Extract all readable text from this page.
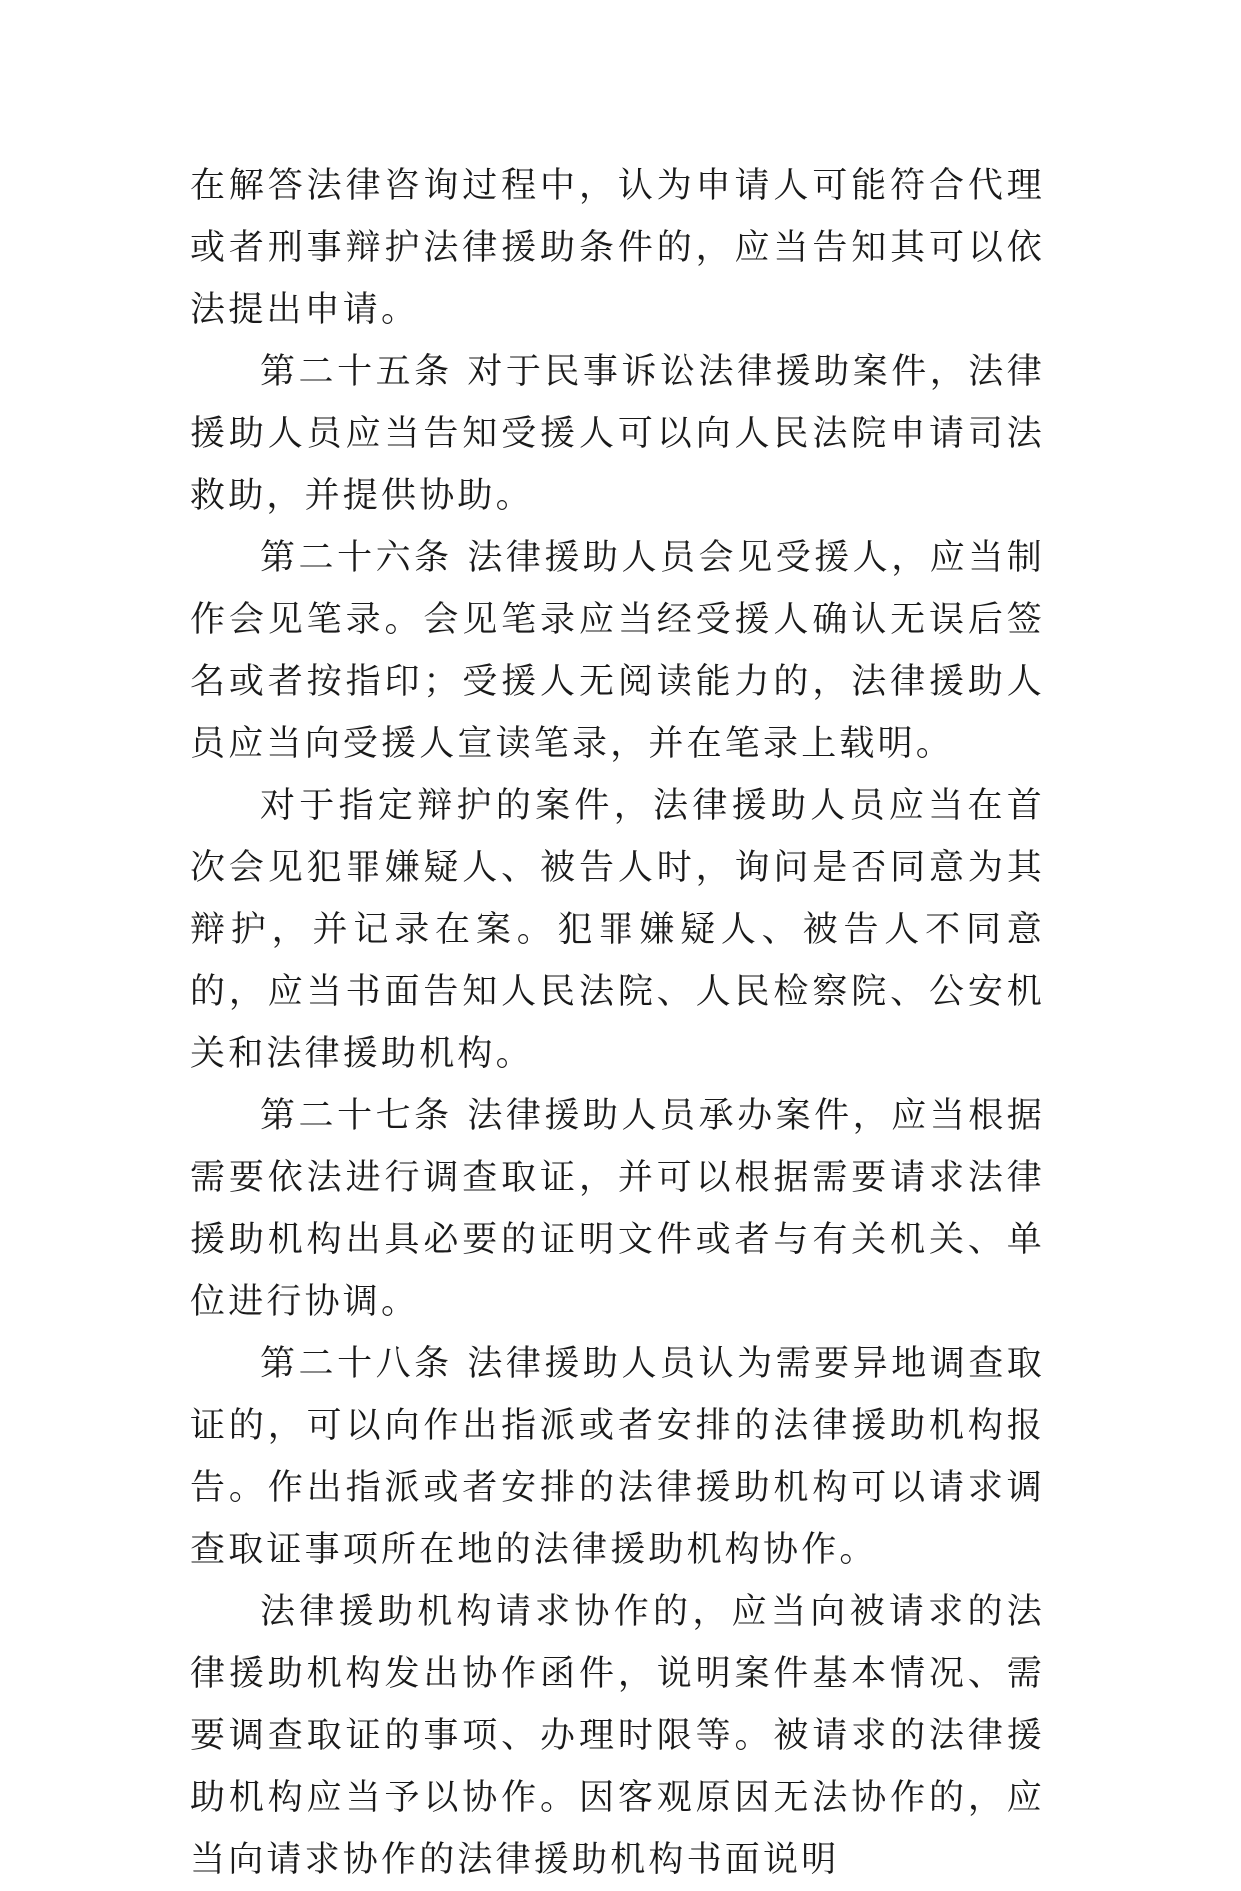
在解答法律咨询过程中，认为申请人可能符合代理或者刑事辩护法律援助条件的，应当告知其可以依法提出申请。

第二十五条 对于民事诉讼法律援助案件，法律援助人员应当告知受援人可以向人民法院申请司法救助，并提供协助。

第二十六条 法律援助人员会见受援人，应当制作会见笔录。会见笔录应当经受援人确认无误后签名或者按指印；受援人无阅读能力的，法律援助人员应当向受援人宣读笔录，并在笔录上载明。

对于指定辩护的案件，法律援助人员应当在首次会见犯罪嫌疑人、被告人时，询问是否同意为其辩护，并记录在案。犯罪嫌疑人、被告人不同意的，应当书面告知人民法院、人民检察院、公安机关和法律援助机构。

第二十七条 法律援助人员承办案件，应当根据需要依法进行调查取证，并可以根据需要请求法律援助机构出具必要的证明文件或者与有关机关、单位进行协调。

第二十八条 法律援助人员认为需要异地调查取证的，可以向作出指派或者安排的法律援助机构报告。作出指派或者安排的法律援助机构可以请求调查取证事项所在地的法律援助机构协作。

法律援助机构请求协作的，应当向被请求的法律援助机构发出协作函件，说明案件基本情况、需要调查取证的事项、办理时限等。被请求的法律援助机构应当予以协作。因客观原因无法协作的，应当向请求协作的法律援助机构书面说明
